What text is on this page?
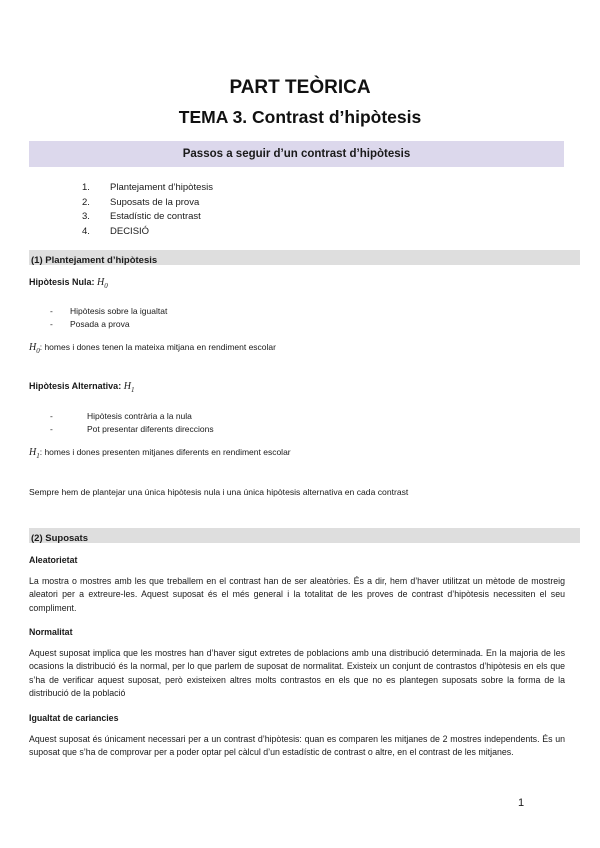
PART TEÒRICA
TEMA 3. Contrast d’hipòtesis
Passos a seguir d’un contrast d’hipòtesis
1. Plantejament d’hipòtesis
2. Suposats de la prova
3. Estadístic de contrast
4. DECISIÓ
(1) Plantejament d’hipòtesis
Hipòtesis Nula: $H_0$
- Hipòtesis sobre la igualtat
- Posada a prova
$H_0$: homes i dones tenen la mateixa mitjana en rendiment escolar
Hipòtesis Alternativa: $H_1$
-	Hipòtesis contrària a la nula
-	Pot presentar diferents direccions
$H_1$: homes i dones presenten mitjanes diferents en rendiment escolar
Sempre hem de plantejar una única hipòtesis nula i una única hipòtesis alternativa en cada contrast
(2) Suposats
Aleatorietat
La mostra o mostres amb les que treballem en el contrast han de ser aleatòries. És a dir, hem d’haver utilitzat un mètode de mostreig aleatori per a extreure-les. Aquest suposat és el més general i la totalitat de les proves de contrast d’hipòtesis necessiten el seu compliment.
Normalitat
Aquest suposat implica que les mostres han d’haver sigut extretes de poblacions amb una distribució determinada. En la majoria de les ocasions la distribució és la normal, per lo que parlem de suposat de normalitat. Existeix un conjunt de contrastos d’hipòtesis en els que s’ha de verificar aquest suposat, però existeixen altres molts contrastos en els que no es plantegen suposats sobre la forma de la distribució de la població
Igualtat de cariancies
Aquest suposat és únicament necessari per a un contrast d’hipòtesis: quan es comparen les mitjanes de 2 mostres independents. És un suposat que s’ha de comprovar per a poder optar pel càlcul d’un estadístic de contrast o altre, en el contrast de les mitjanes.
1
